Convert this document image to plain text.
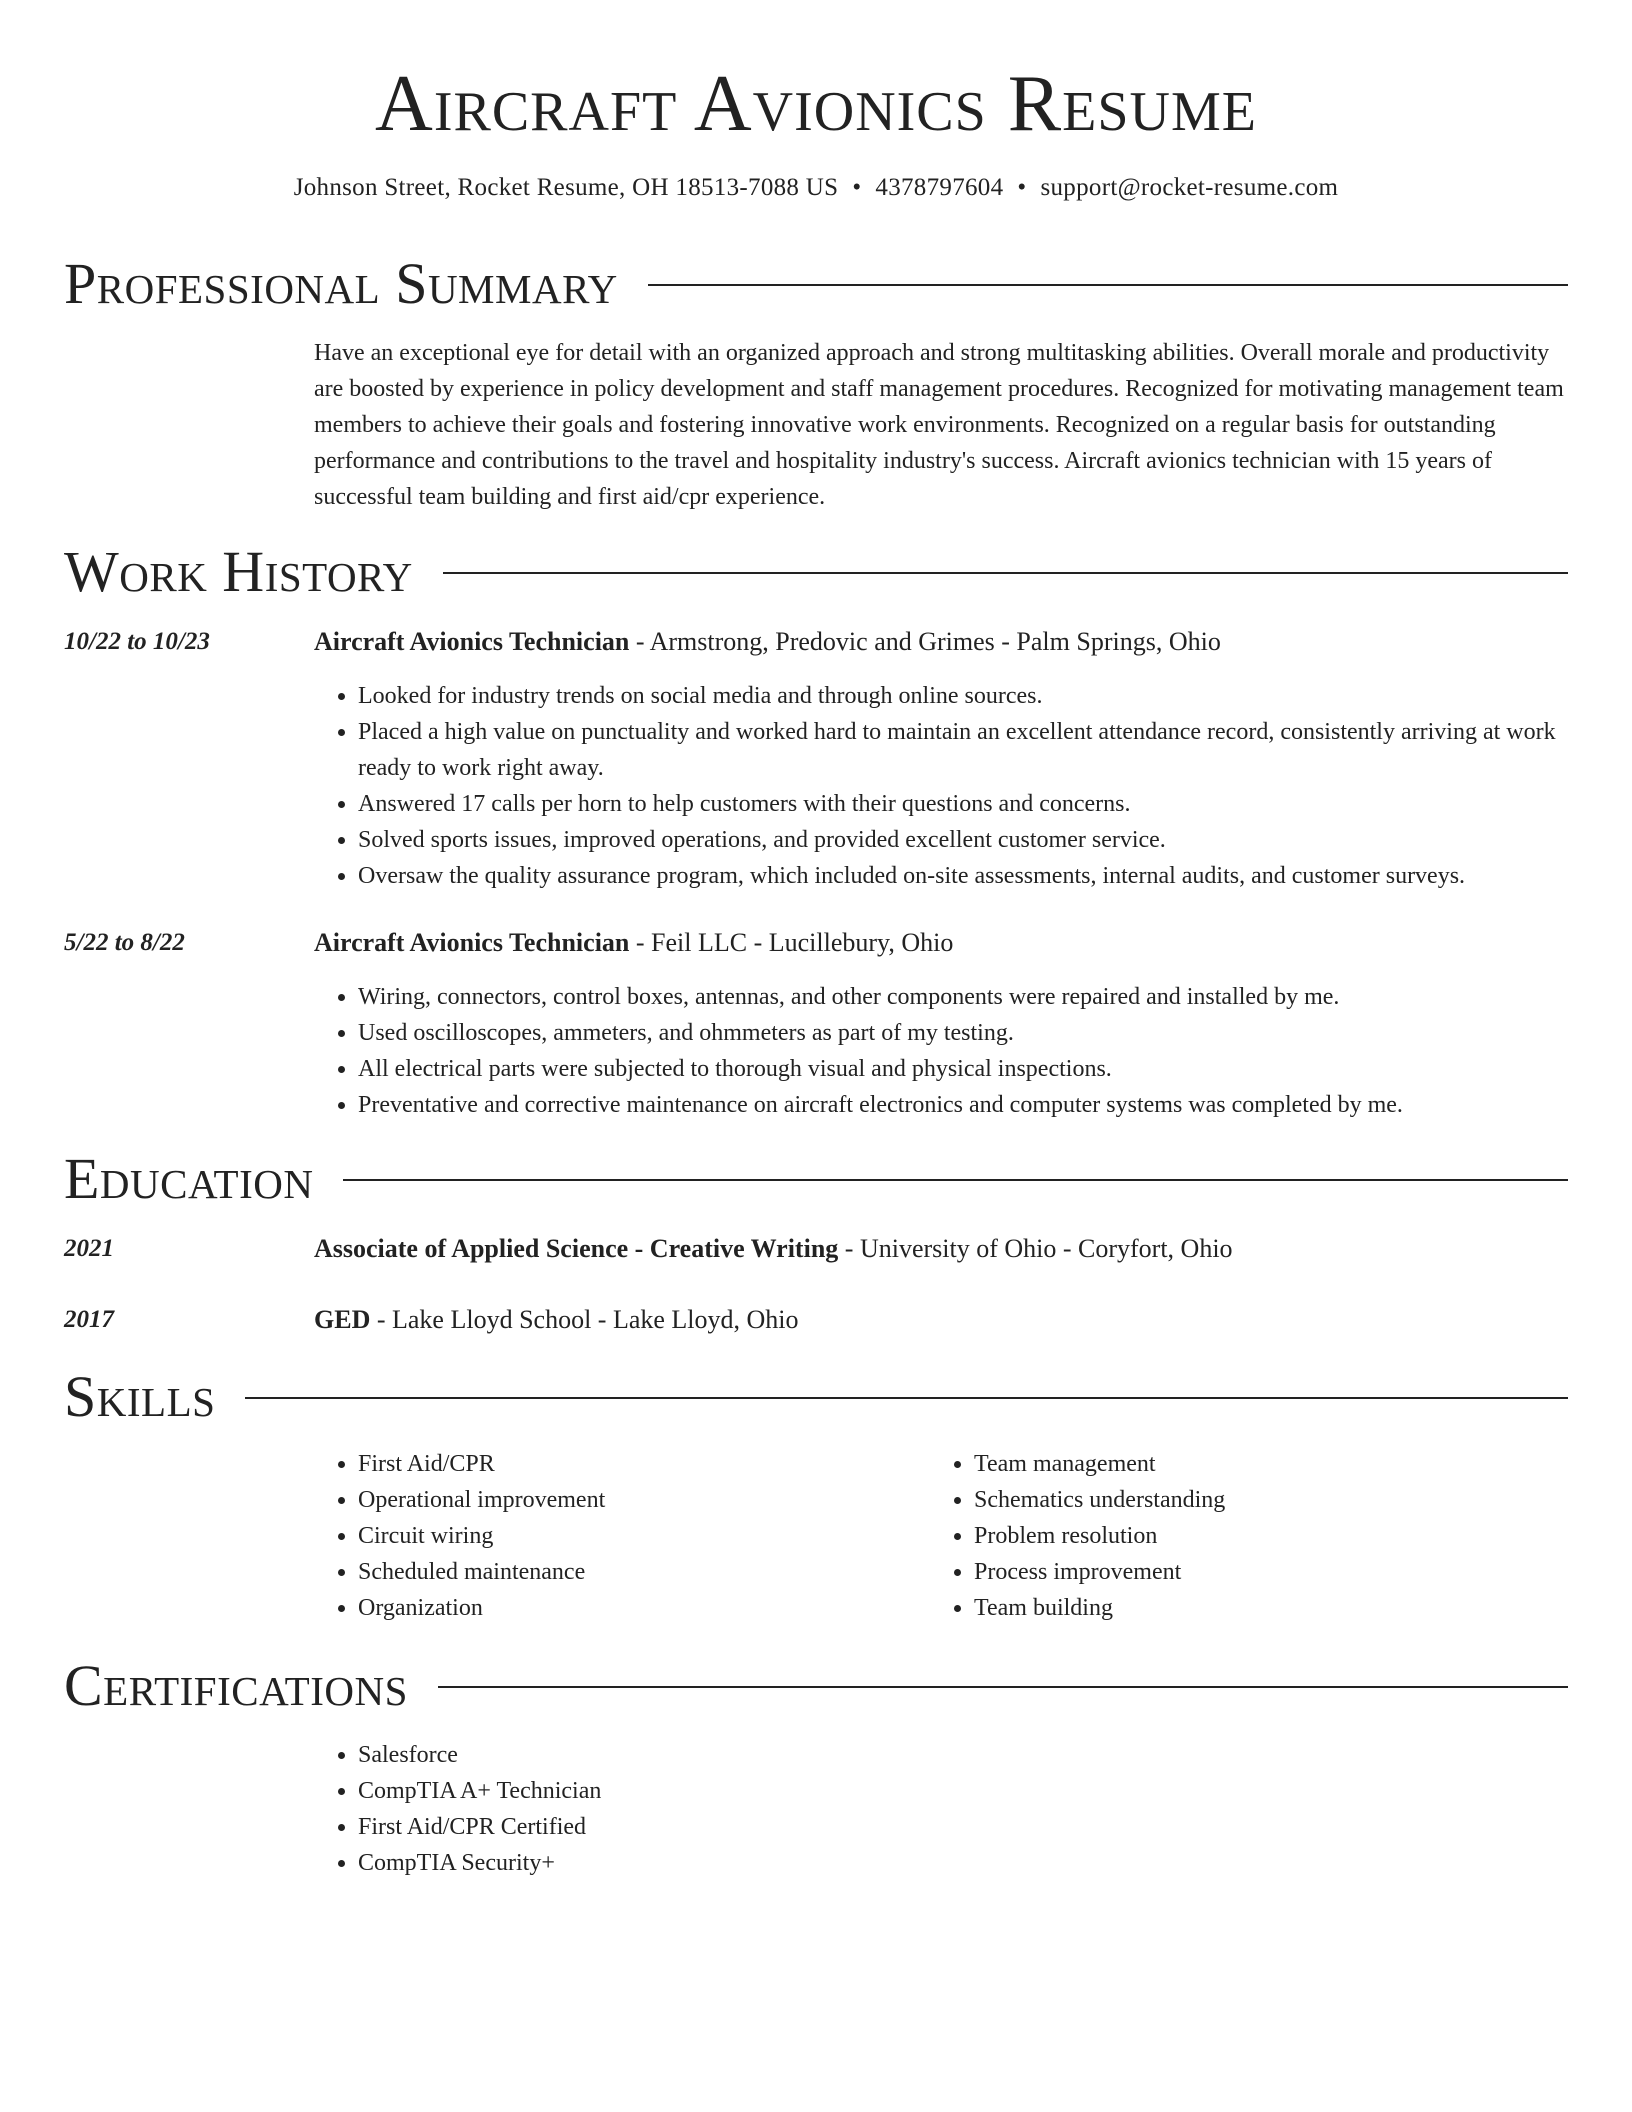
Aircraft Avionics Resume
Johnson Street, Rocket Resume, OH 18513-7088 US • 4378797604 • support@rocket-resume.com
Professional Summary

Have an exceptional eye for detail with an organized approach and strong multitasking abilities. Overall morale and productivity are boosted by experience in policy development and staff management procedures. Recognized for motivating management team members to achieve their goals and fostering innovative work environments. Recognized on a regular basis for outstanding performance and contributions to the travel and hospitality industry's success. Aircraft avionics technician with 15 years of successful team building and first aid/cpr experience.

Work History
10/22 to 10/23	Aircraft Avionics Technician - Armstrong, Predovic and Grimes - Palm Springs, Ohio
• Looked for industry trends on social media and through online sources.
• Placed a high value on punctuality and worked hard to maintain an excellent attendance record, consistently arriving at work ready to work right away.
• Answered 17 calls per horn to help customers with their questions and concerns.
• Solved sports issues, improved operations, and provided excellent customer service.
• Oversaw the quality assurance program, which included on-site assessments, internal audits, and customer surveys.
5/22 to 8/22	Aircraft Avionics Technician - Feil LLC - Lucillebury, Ohio
• Wiring, connectors, control boxes, antennas, and other components were repaired and installed by me.
• Used oscilloscopes, ammeters, and ohmmeters as part of my testing.
• All electrical parts were subjected to thorough visual and physical inspections.
• Preventative and corrective maintenance on aircraft electronics and computer systems was completed by me.
Education
2021	Associate of Applied Science - Creative Writing - University of Ohio - Coryfort, Ohio
2017	GED - Lake Lloyd School - Lake Lloyd, Ohio
Skills
• First Aid/CPR
• Operational improvement
• Circuit wiring
• Scheduled maintenance
• Organization
• Team management
• Schematics understanding
• Problem resolution
• Process improvement
• Team building
Certifications
• Salesforce
• CompTIA A+ Technician
• First Aid/CPR Certified
• CompTIA Security+
